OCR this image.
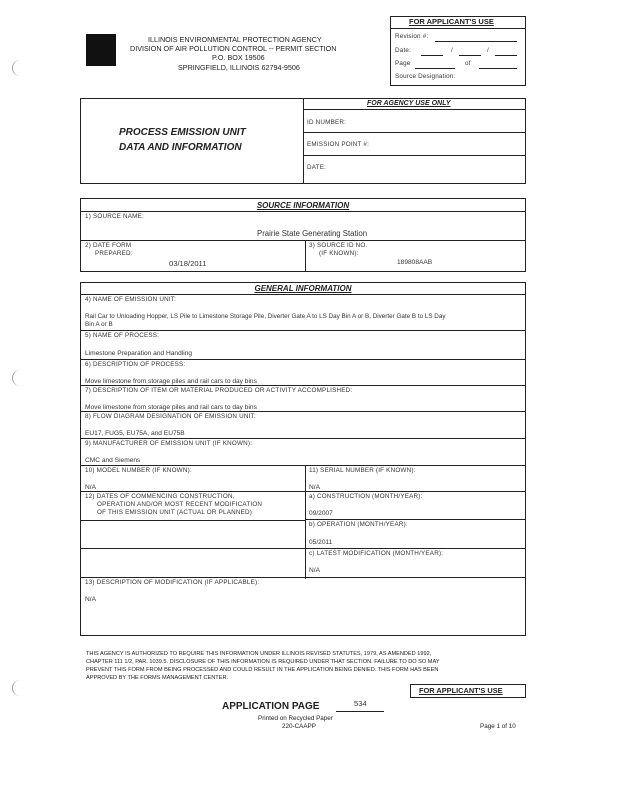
ILLINOIS ENVIRONMENTAL PROTECTION AGENCY
DIVISION OF AIR POLLUTION CONTROL -- PERMIT SECTION
P.O. BOX 19506
SPRINGFIELD, ILLINOIS 62794-9506
FOR APPLICANT'S USE
Revision #:
Date:	/	/
Page	of
Source Designation:
PROCESS EMISSION UNIT
DATA AND INFORMATION
FOR AGENCY USE ONLY
ID NUMBER:
EMISSION POINT #:
DATE:
SOURCE INFORMATION
1) SOURCE NAME:
Prairie State Generating Station
2) DATE FORM
PREPARED:
03/18/2011
3) SOURCE ID NO.
(IF KNOWN):
189808AAB
GENERAL INFORMATION
4) NAME OF EMISSION UNIT:
Rail Car to Unloading Hopper, LS Pile to Limestone Storage Pile, Diverter Gate A to LS Day Bin A or B, Diverter Gate B to LS Day
Bin A or B
5) NAME OF PROCESS:
Limestone Preparation and Handling
6) DESCRIPTION OF PROCESS:
Move limestone from storage piles and rail cars to day bins
7) DESCRIPTION OF ITEM OR MATERIAL PRODUCED OR ACTIVITY ACCOMPLISHED:
Move limestone from storage piles and rail cars to day bins
8) FLOW DIAGRAM DESIGNATION OF EMISSION UNIT:
EU17, FUG5, EU75A, and EU75B
9) MANUFACTURER OF EMISSION UNIT (IF KNOWN):
CMC and Siemens
10) MODEL NUMBER (IF KNOWN):
N/A
11) SERIAL NUMBER (IF KNOWN):
N/A
12) DATES OF COMMENCING CONSTRUCTION,
OPERATION AND/OR MOST RECENT MODIFICATION
OF THIS EMISSION UNIT (ACTUAL OR PLANNED)
a) CONSTRUCTION (MONTH/YEAR):
09/2007
b) OPERATION (MONTH/YEAR):
05/2011
c) LATEST MODIFICATION (MONTH/YEAR):
N/A
13) DESCRIPTION OF MODIFICATION (IF APPLICABLE):
N/A
THIS AGENCY IS AUTHORIZED TO REQUIRE THIS INFORMATION UNDER ILLINOIS REVISED STATUTES, 1979, AS AMENDED 1992,
CHAPTER 111 1/2, PAR. 1039.5. DISCLOSURE OF THIS INFORMATION IS REQUIRED UNDER THAT SECTION. FAILURE TO DO SO MAY
PREVENT THIS FORM FROM BEING PROCESSED AND COULD RESULT IN THE APPLICATION BEING DENIED. THIS FORM HAS BEEN
APPROVED BY THE FORMS MANAGEMENT CENTER.
FOR APPLICANT'S USE
APPLICATION PAGE	534
Printed on Recycled Paper
220-CAAPP	Page 1 of 10
